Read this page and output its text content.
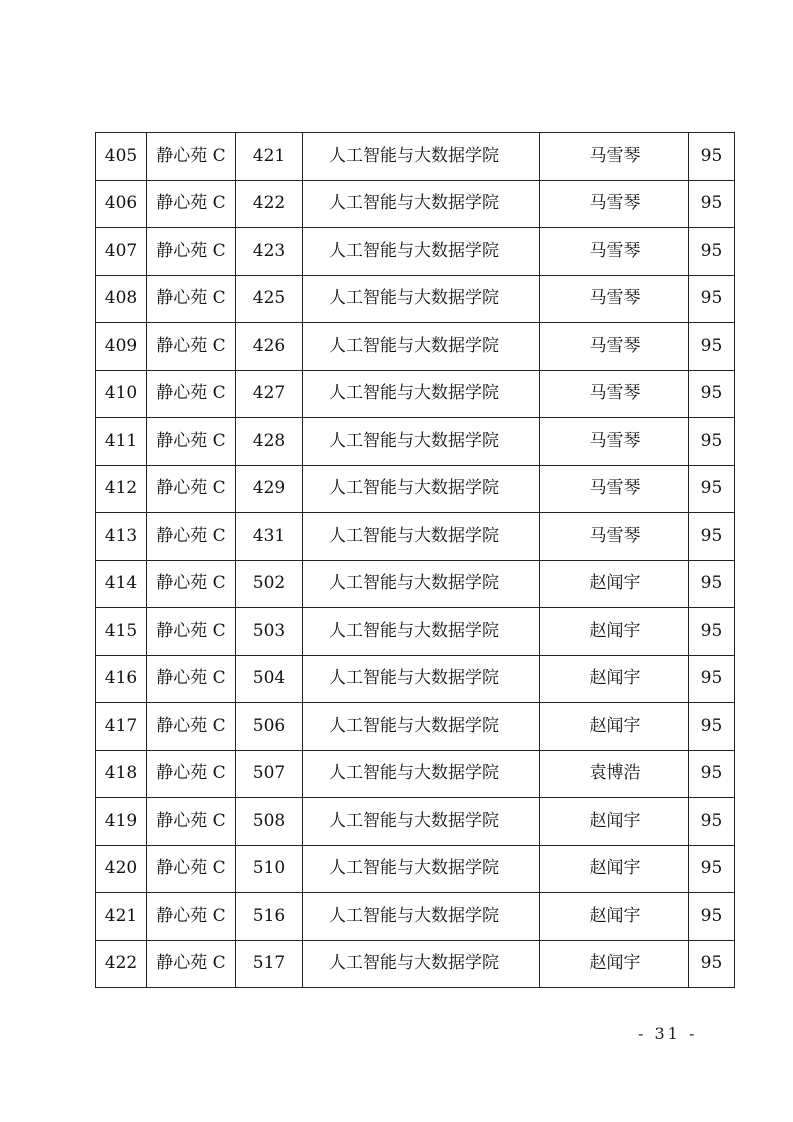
405	静心苑 C	421	人工智能与大数据学院	马雪琴	95
406	静心苑 C	422	人工智能与大数据学院	马雪琴	95
407	静心苑 C	423	人工智能与大数据学院	马雪琴	95
408	静心苑 C	425	人工智能与大数据学院	马雪琴	95
409	静心苑 C	426	人工智能与大数据学院	马雪琴	95
410	静心苑 C	427	人工智能与大数据学院	马雪琴	95
411	静心苑 C	428	人工智能与大数据学院	马雪琴	95
412	静心苑 C	429	人工智能与大数据学院	马雪琴	95
413	静心苑 C	431	人工智能与大数据学院	马雪琴	95
414	静心苑 C	502	人工智能与大数据学院	赵闻宇	95
415	静心苑 C	503	人工智能与大数据学院	赵闻宇	95
416	静心苑 C	504	人工智能与大数据学院	赵闻宇	95
417	静心苑 C	506	人工智能与大数据学院	赵闻宇	95
418	静心苑 C	507	人工智能与大数据学院	袁博浩	95
419	静心苑 C	508	人工智能与大数据学院	赵闻宇	95
420	静心苑 C	510	人工智能与大数据学院	赵闻宇	95
421	静心苑 C	516	人工智能与大数据学院	赵闻宇	95
422	静心苑 C	517	人工智能与大数据学院	赵闻宇	95
- 31 -
